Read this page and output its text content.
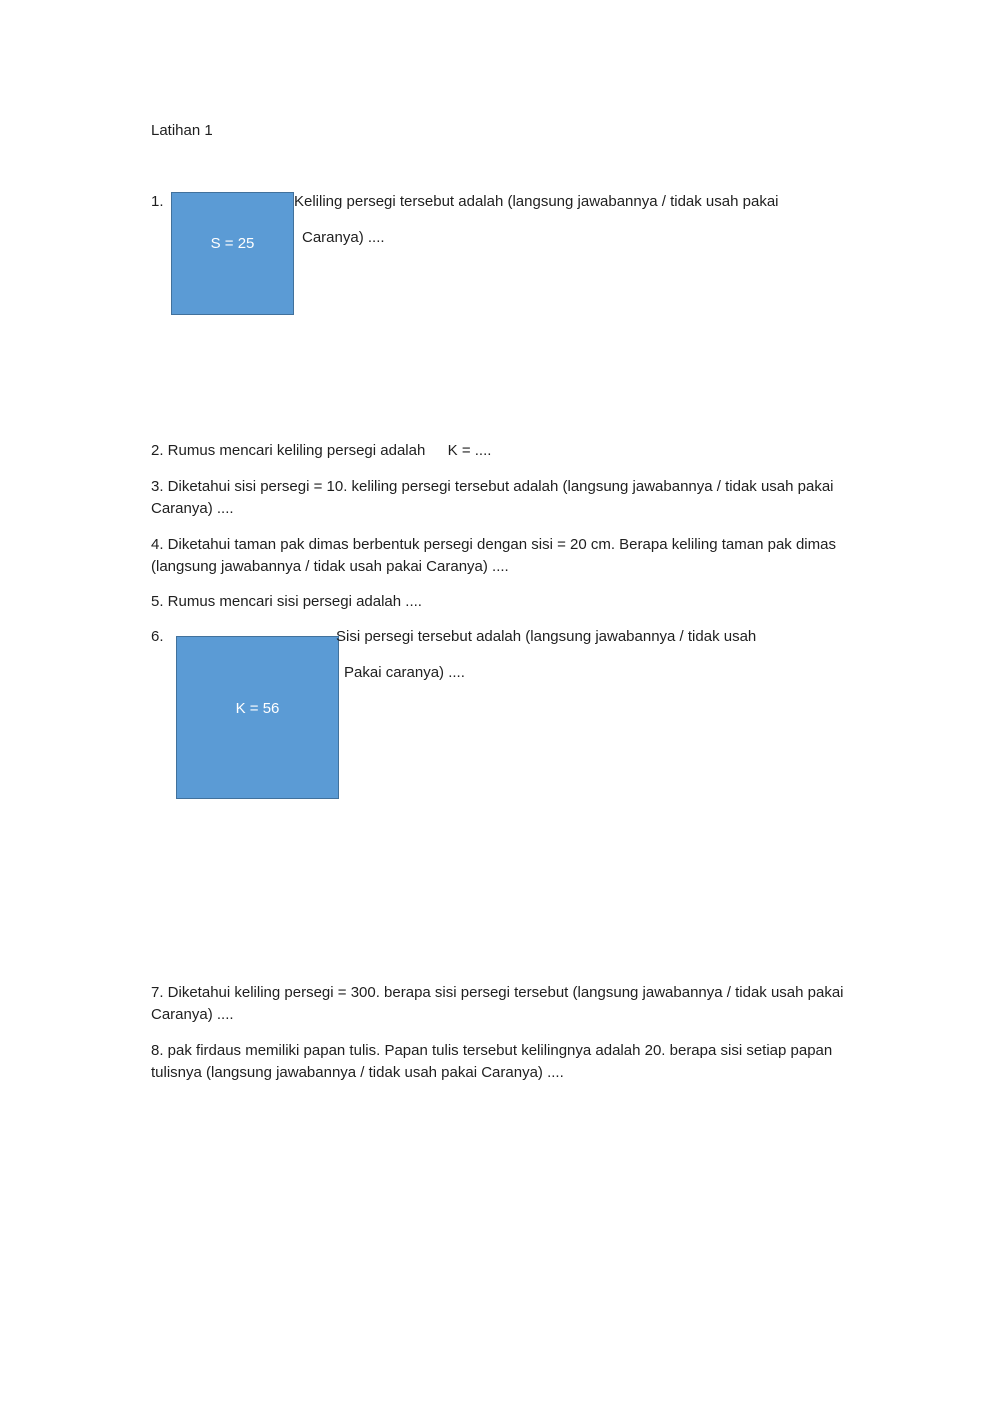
Latihan 1
1.
S = 25
Keliling persegi tersebut adalah (langsung jawabannya / tidak usah pakai
Caranya) ....
2. Rumus mencari keliling persegi adalah K = ....
3. Diketahui sisi persegi = 10. keliling persegi tersebut adalah (langsung jawabannya / tidak usah pakai Caranya) ....
4. Diketahui taman pak dimas berbentuk persegi dengan sisi = 20 cm. Berapa keliling taman pak dimas (langsung jawabannya / tidak usah pakai Caranya) ....
5. Rumus mencari sisi persegi adalah ....
6.
K = 56
Sisi persegi tersebut adalah (langsung jawabannya / tidak usah
Pakai caranya) ....
7. Diketahui keliling persegi = 300. berapa sisi persegi tersebut (langsung jawabannya / tidak usah pakai Caranya) ....
8. pak firdaus memiliki papan tulis. Papan tulis tersebut kelilingnya adalah 20. berapa sisi setiap papan tulisnya (langsung jawabannya / tidak usah pakai Caranya) ....
